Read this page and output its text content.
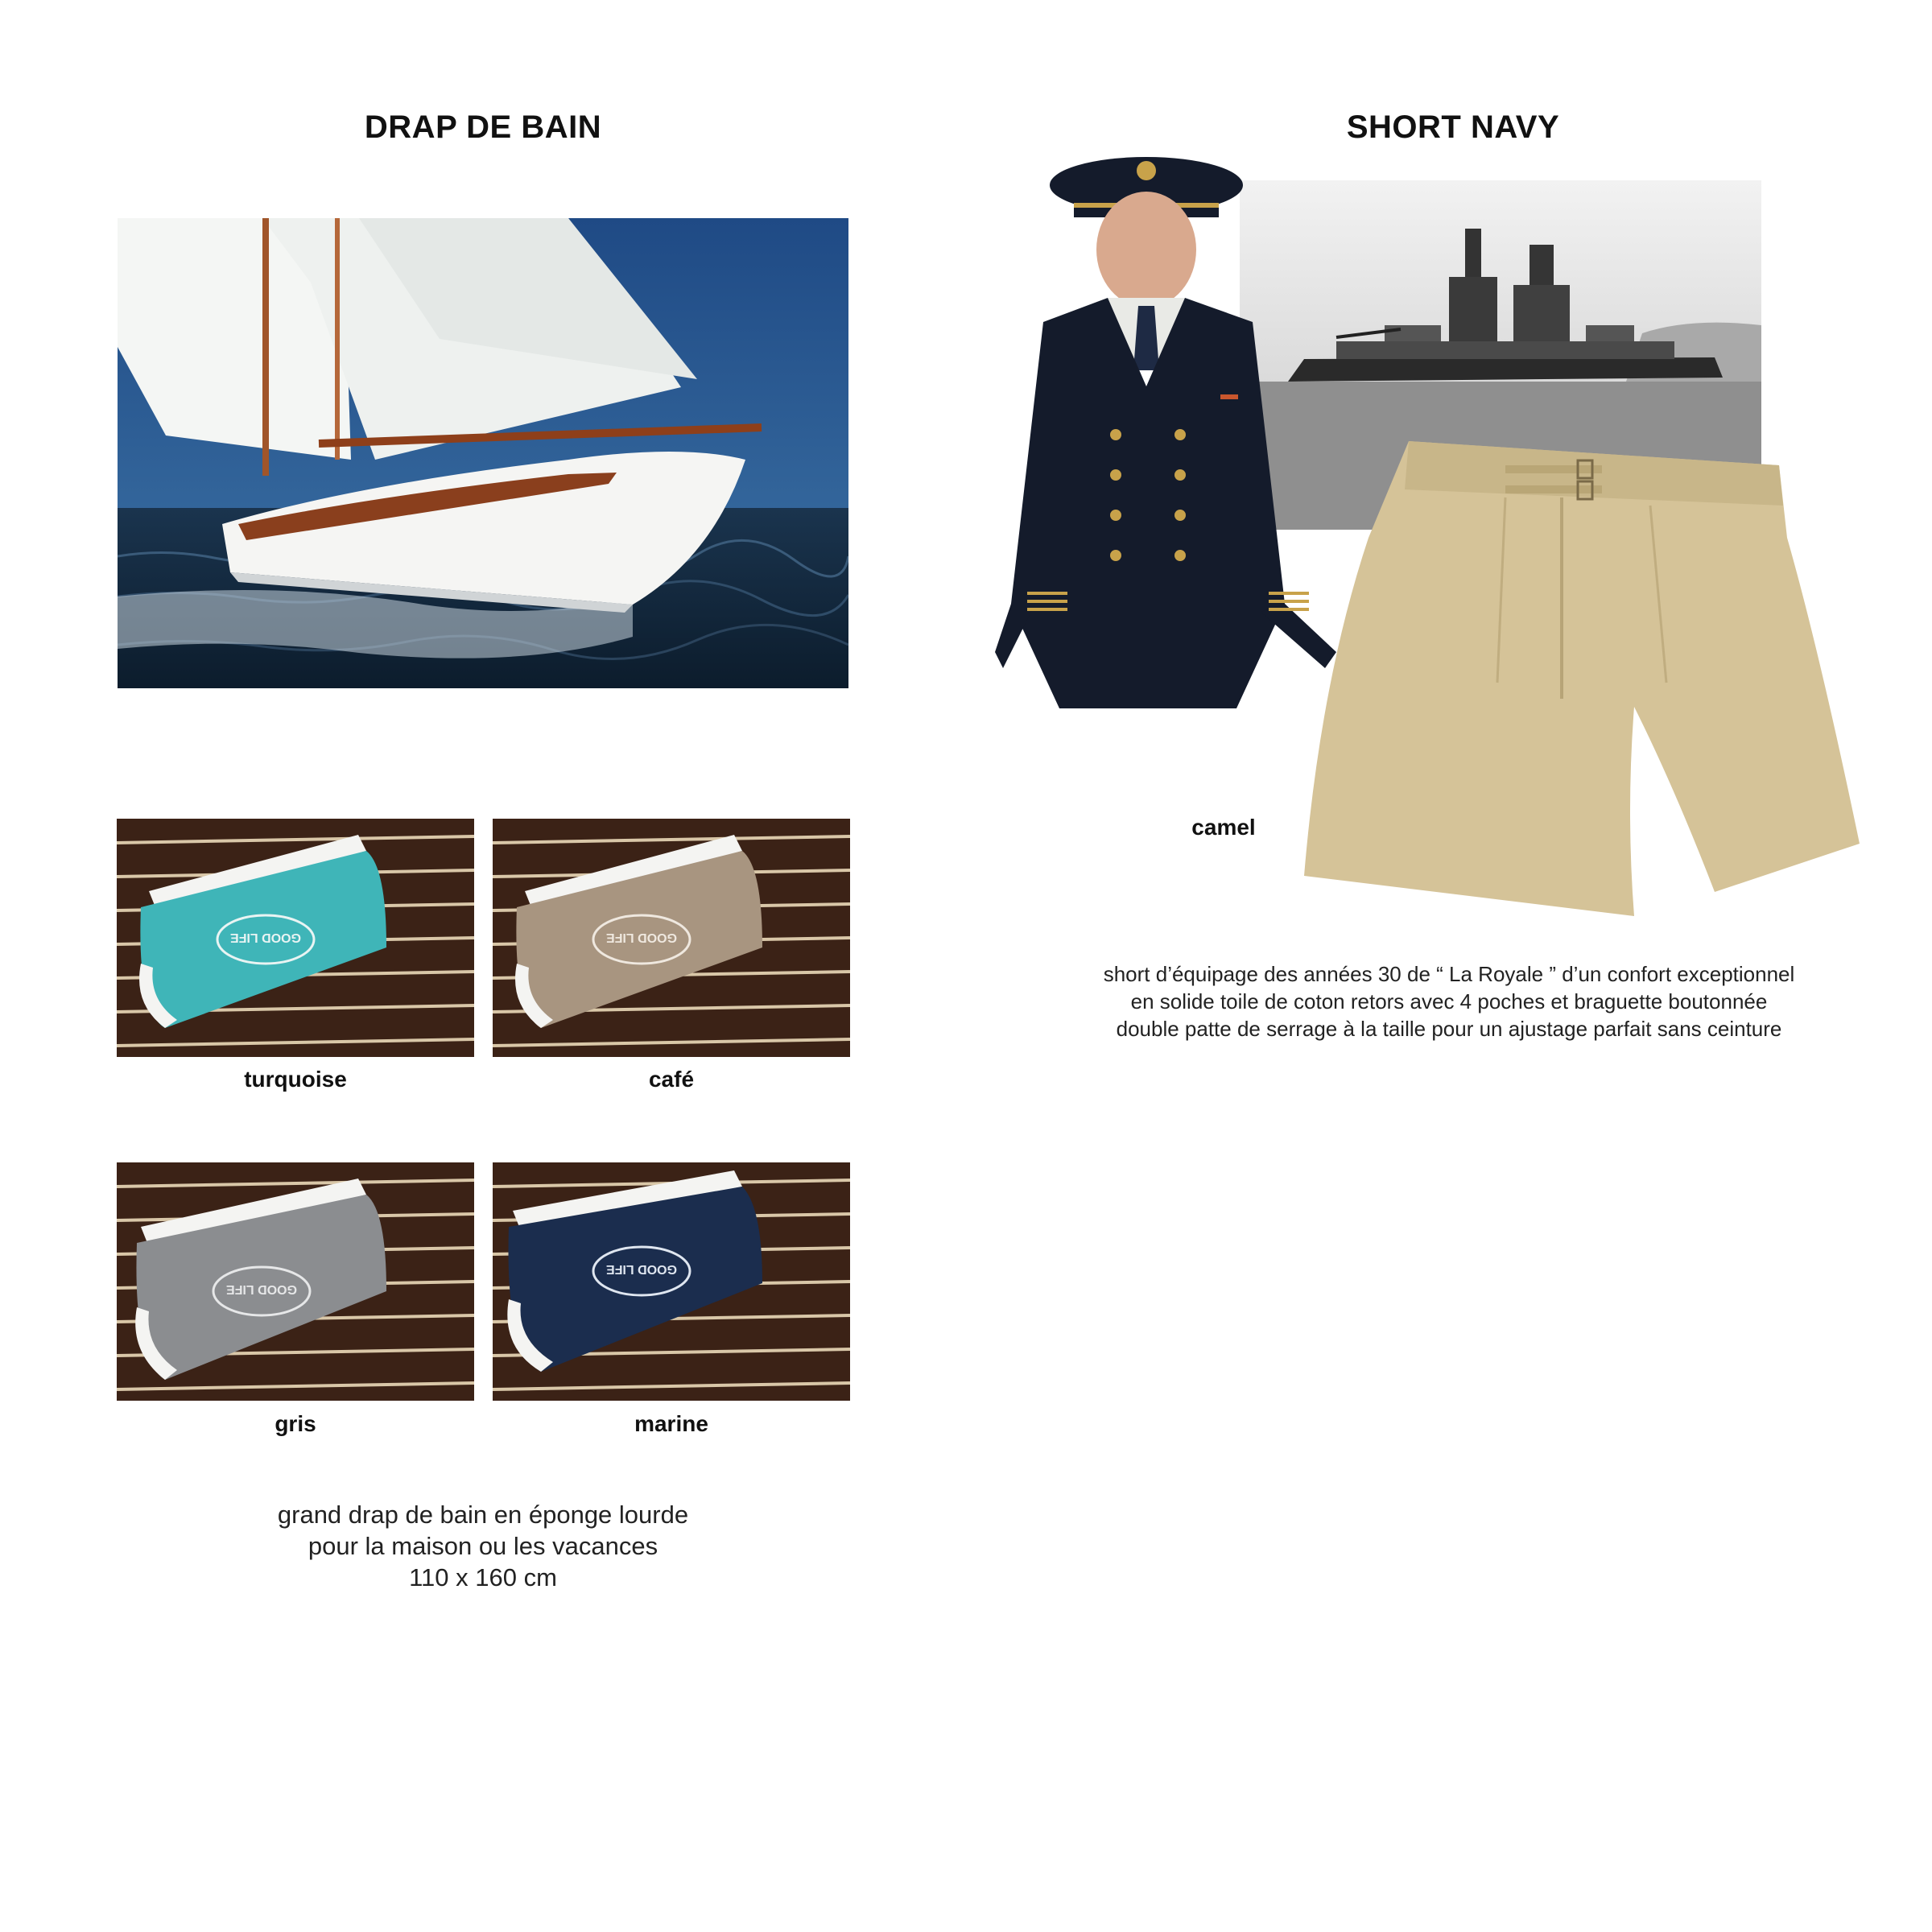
DRAP DE BAIN
GOOD LIFE	GOOD LIFE
turquoise	café
GOOD LIFE
GOOD LIFE
gris	marine
grand drap de bain en éponge lourde
pour la maison ou les vacances
110 x 160 cm
SHORT NAVY
camel
short d’équipage des années 30 de “ La Royale ” d’un confort exceptionnel
en solide toile de coton retors avec 4 poches et braguette boutonnée
double patte de serrage à la taille pour un ajustage parfait sans ceinture
